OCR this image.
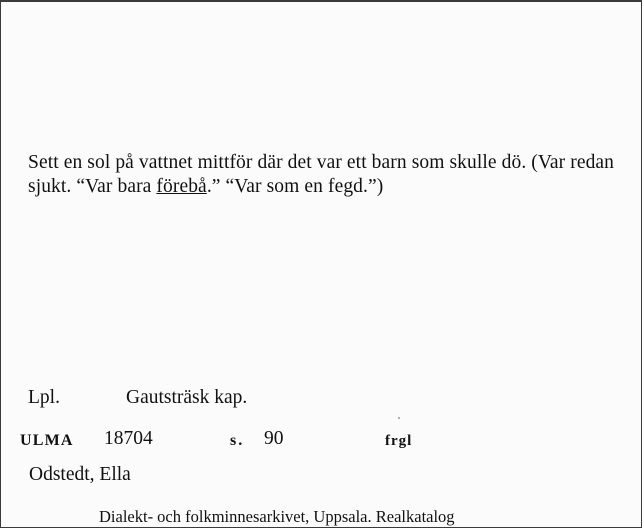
Sett en sol på vattnet mittför där det var ett barn som skulle dö. (Var redan sjukt. “Var bara förebå.” “Var som en fegd.”)
Lpl.	Gautsträsk kap.
ULMA 18704	s. 90	frgl
Odstedt, Ella
Dialekt- och folkminnesarkivet, Uppsala. Realkatalog
